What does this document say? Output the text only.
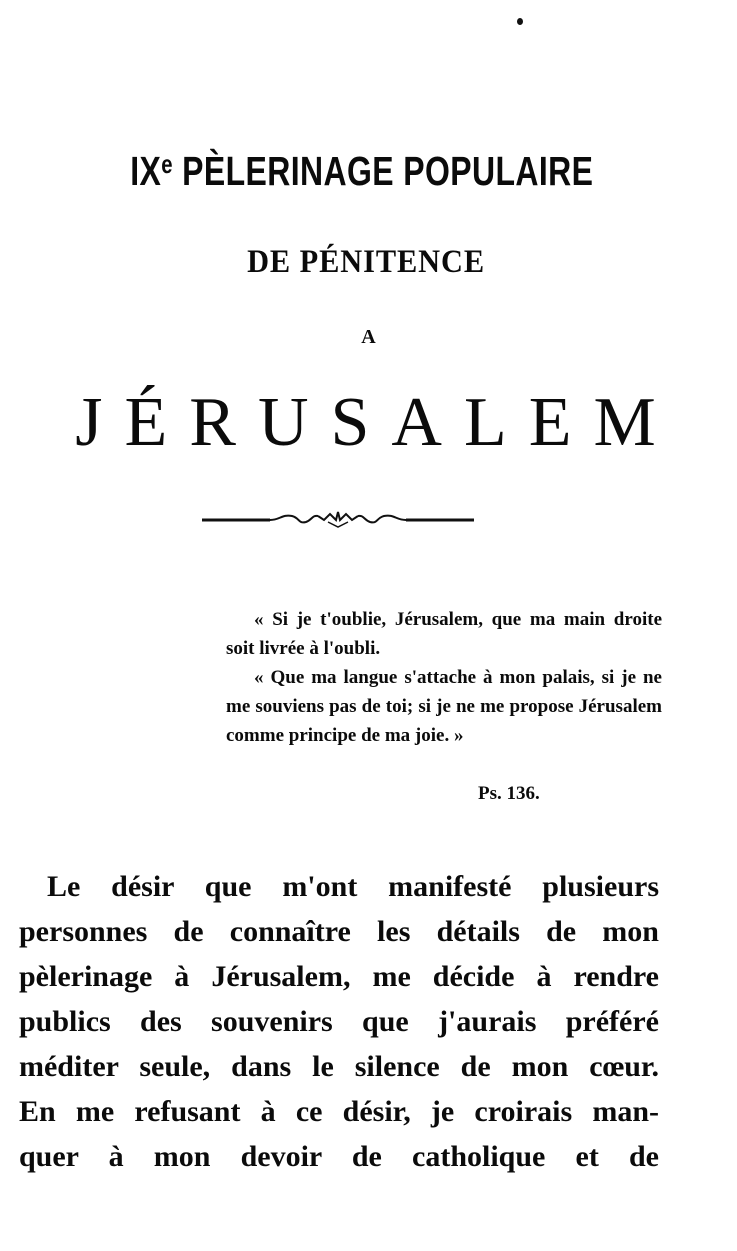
IXe PÈLERINAGE POPULAIRE
DE PÉNITENCE
A
JÉRUSALEM

« Si je t'oublie, Jérusalem, que ma main droite soit livrée à l'oubli.

« Que ma langue s'attache à mon palais, si je ne me souviens pas de toi; si je ne me propose Jérusalem comme principe de ma joie. »

Ps. 136.
Le désir que m'ont manifesté plusieurs
personnes de connaître les détails de mon
pèlerinage à Jérusalem, me décide à rendre
publics des souvenirs que j'aurais préféré
méditer seule, dans le silence de mon cœur.
En me refusant à ce désir, je croirais man-
quer à mon devoir de catholique et de
